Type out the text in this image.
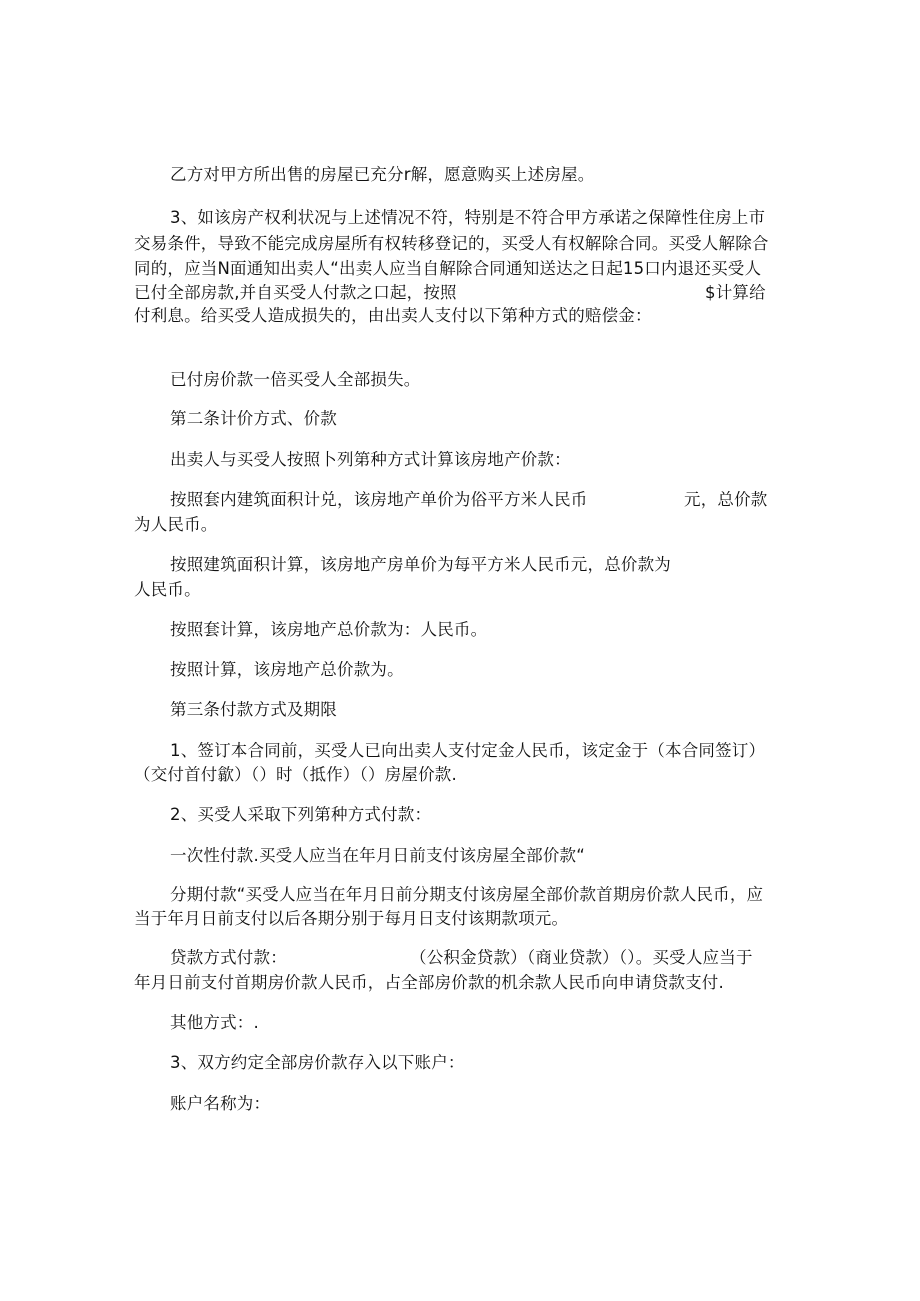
乙方对甲方所出售的房屋已充分r解，愿意购买上述房屋。
3、如该房产权利状况与上述情况不符，特别是不符合甲方承诺之保障性住房上市
交易条件，导致不能完成房屋所有权转移登记的，买受人有权解除合同。买受人解除合
同的，应当N面通知出卖人“出卖人应当自解除合同通知送达之日起15口内退还买受人
已付全部房款,并自买受人付款之口起，按照	$计算给
付利息。给买受人造成损失的，由出卖人支付以下第种方式的赔偿金：
已付房价款一倍买受人全部损失。
第二条计价方式、价款
出卖人与买受人按照卜列第种方式计算该房地产价款：
按照套内建筑面积计兑，该房地产单价为俗平方米人民币	元，总价款
为人民币。
按照建筑面积计算，该房地产房单价为每平方米人民币元，总价款为
人民币。
按照套计算，该房地产总价款为：人民币。
按照计算，该房地产总价款为。
第三条付款方式及期限
1、签订本合同前，买受人已向出卖人支付定金人民币，该定金于（本合同签订）
（交付首付歙）（）时（抵作）（）房屋价款.
2、买受人采取下列第种方式付款：
一次性付款.买受人应当在年月日前支付该房屋全部价款“
分期付款“买受人应当在年月日前分期支付该房屋全部价款首期房价款人民币，应
当于年月日前支付以后各期分别于每月日支付该期款项元。
贷款方式付款：	（公积金贷款）（商业贷款）（）。买受人应当于
年月日前支付首期房价款人民币，占全部房价款的机余款人民币向申请贷款支付.
其他方式：.
3、双方约定全部房价款存入以下账户：
账户名称为：
